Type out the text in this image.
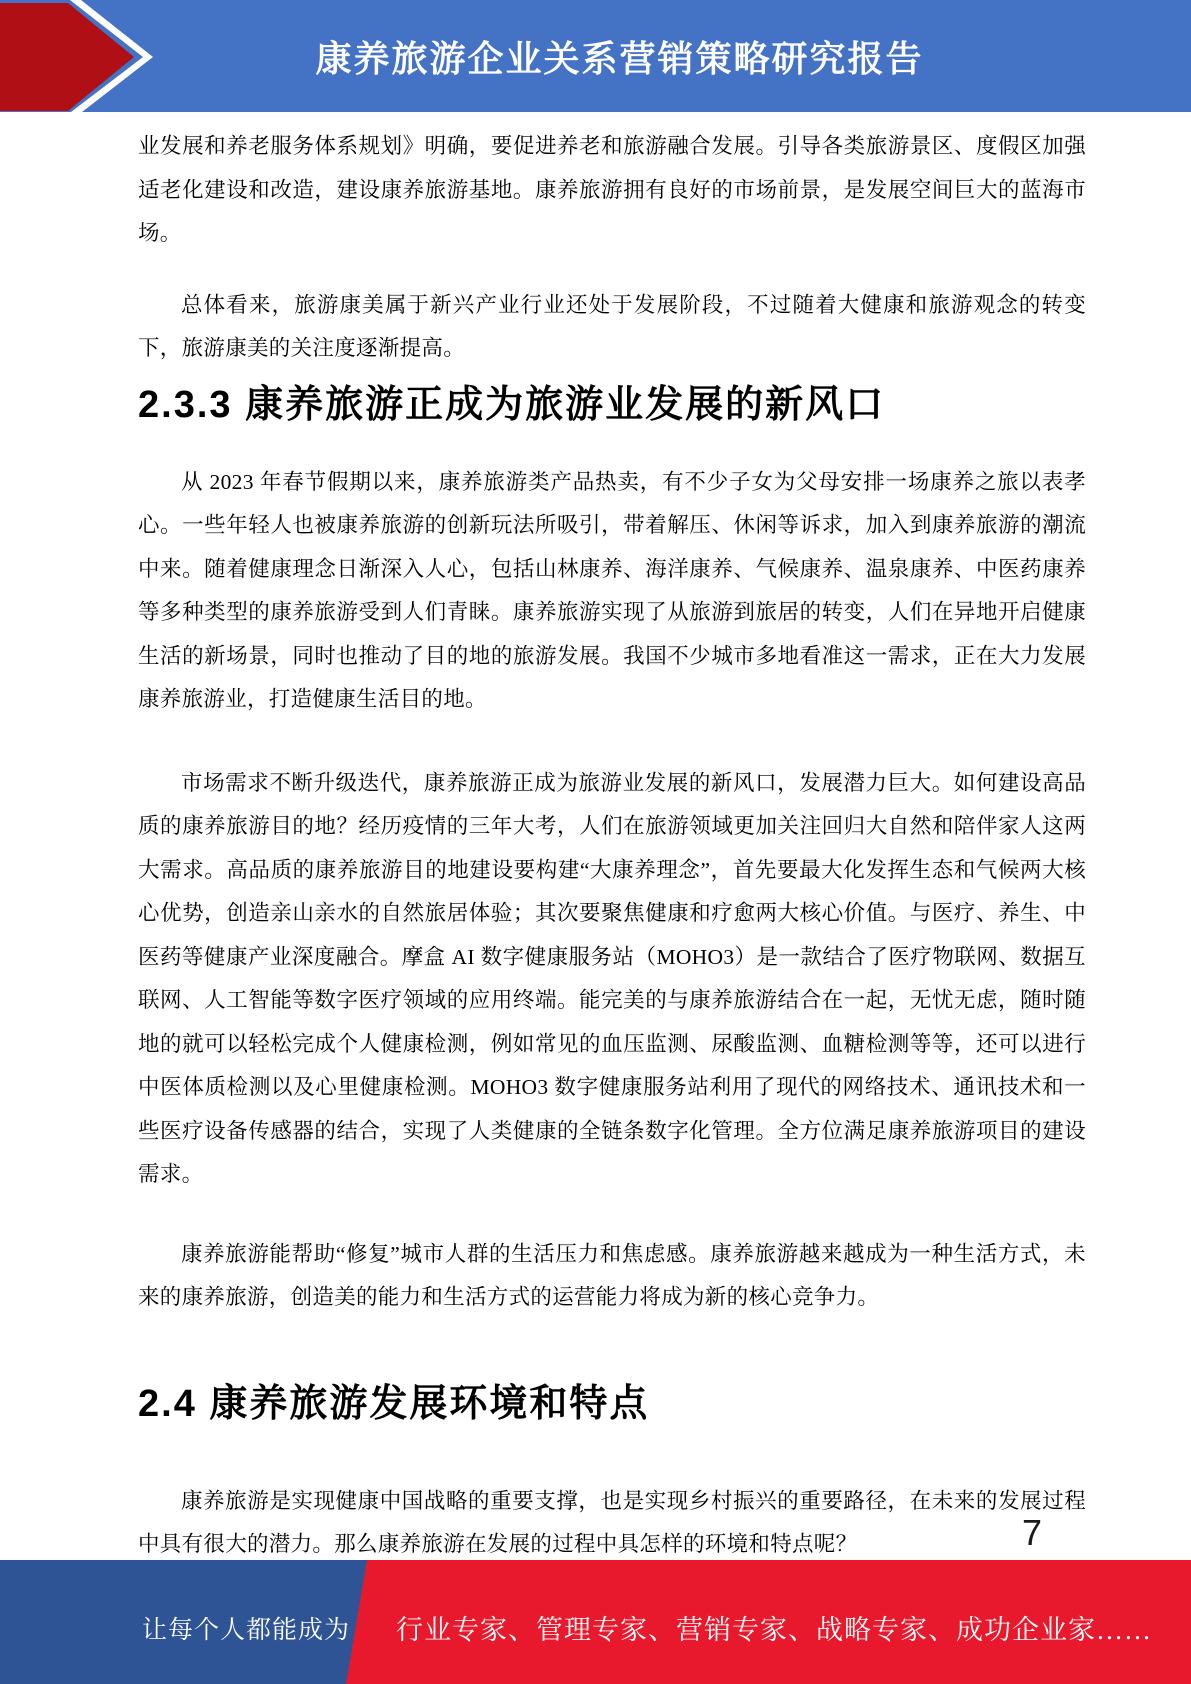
康养旅游企业关系营销策略研究报告

业发展和养老服务体系规划》明确，要促进养老和旅游融合发展。引导各类旅游景区、度假区加强适老化建设和改造，建设康养旅游基地。康养旅游拥有良好的市场前景，是发展空间巨大的蓝海市场。

总体看来，旅游康美属于新兴产业行业还处于发展阶段，不过随着大健康和旅游观念的转变下，旅游康美的关注度逐渐提高。

2.3.3 康养旅游正成为旅游业发展的新风口

从 2023 年春节假期以来，康养旅游类产品热卖，有不少子女为父母安排一场康养之旅以表孝心。一些年轻人也被康养旅游的创新玩法所吸引，带着解压、休闲等诉求，加入到康养旅游的潮流中来。随着健康理念日渐深入人心，包括山林康养、海洋康养、气候康养、温泉康养、中医药康养等多种类型的康养旅游受到人们青睐。康养旅游实现了从旅游到旅居的转变，人们在异地开启健康生活的新场景，同时也推动了目的地的旅游发展。我国不少城市多地看准这一需求，正在大力发展康养旅游业，打造健康生活目的地。

市场需求不断升级迭代，康养旅游正成为旅游业发展的新风口，发展潜力巨大。如何建设高品质的康养旅游目的地？经历疫情的三年大考，人们在旅游领域更加关注回归大自然和陪伴家人这两大需求。高品质的康养旅游目的地建设要构建“大康养理念”，首先要最大化发挥生态和气候两大核心优势，创造亲山亲水的自然旅居体验；其次要聚焦健康和疗愈两大核心价值。与医疗、养生、中医药等健康产业深度融合。摩盒 AI 数字健康服务站（MOHO3）是一款结合了医疗物联网、数据互联网、人工智能等数字医疗领域的应用终端。能完美的与康养旅游结合在一起，无忧无虑，随时随地的就可以轻松完成个人健康检测，例如常见的血压监测、尿酸监测、血糖检测等等，还可以进行中医体质检测以及心里健康检测。MOHO3 数字健康服务站利用了现代的网络技术、通讯技术和一些医疗设备传感器的结合，实现了人类健康的全链条数字化管理。全方位满足康养旅游项目的建设需求。

康养旅游能帮助“修复”城市人群的生活压力和焦虑感。康养旅游越来越成为一种生活方式，未来的康养旅游，创造美的能力和生活方式的运营能力将成为新的核心竞争力。

2.4 康养旅游发展环境和特点

康养旅游是实现健康中国战略的重要支撑，也是实现乡村振兴的重要路径，在未来的发展过程中具有很大的潜力。那么康养旅游在发展的过程中具怎样的环境和特点呢？	7
让每个人都能成为 行业专家、管理专家、营销专家、战略专家、成功企业家……
